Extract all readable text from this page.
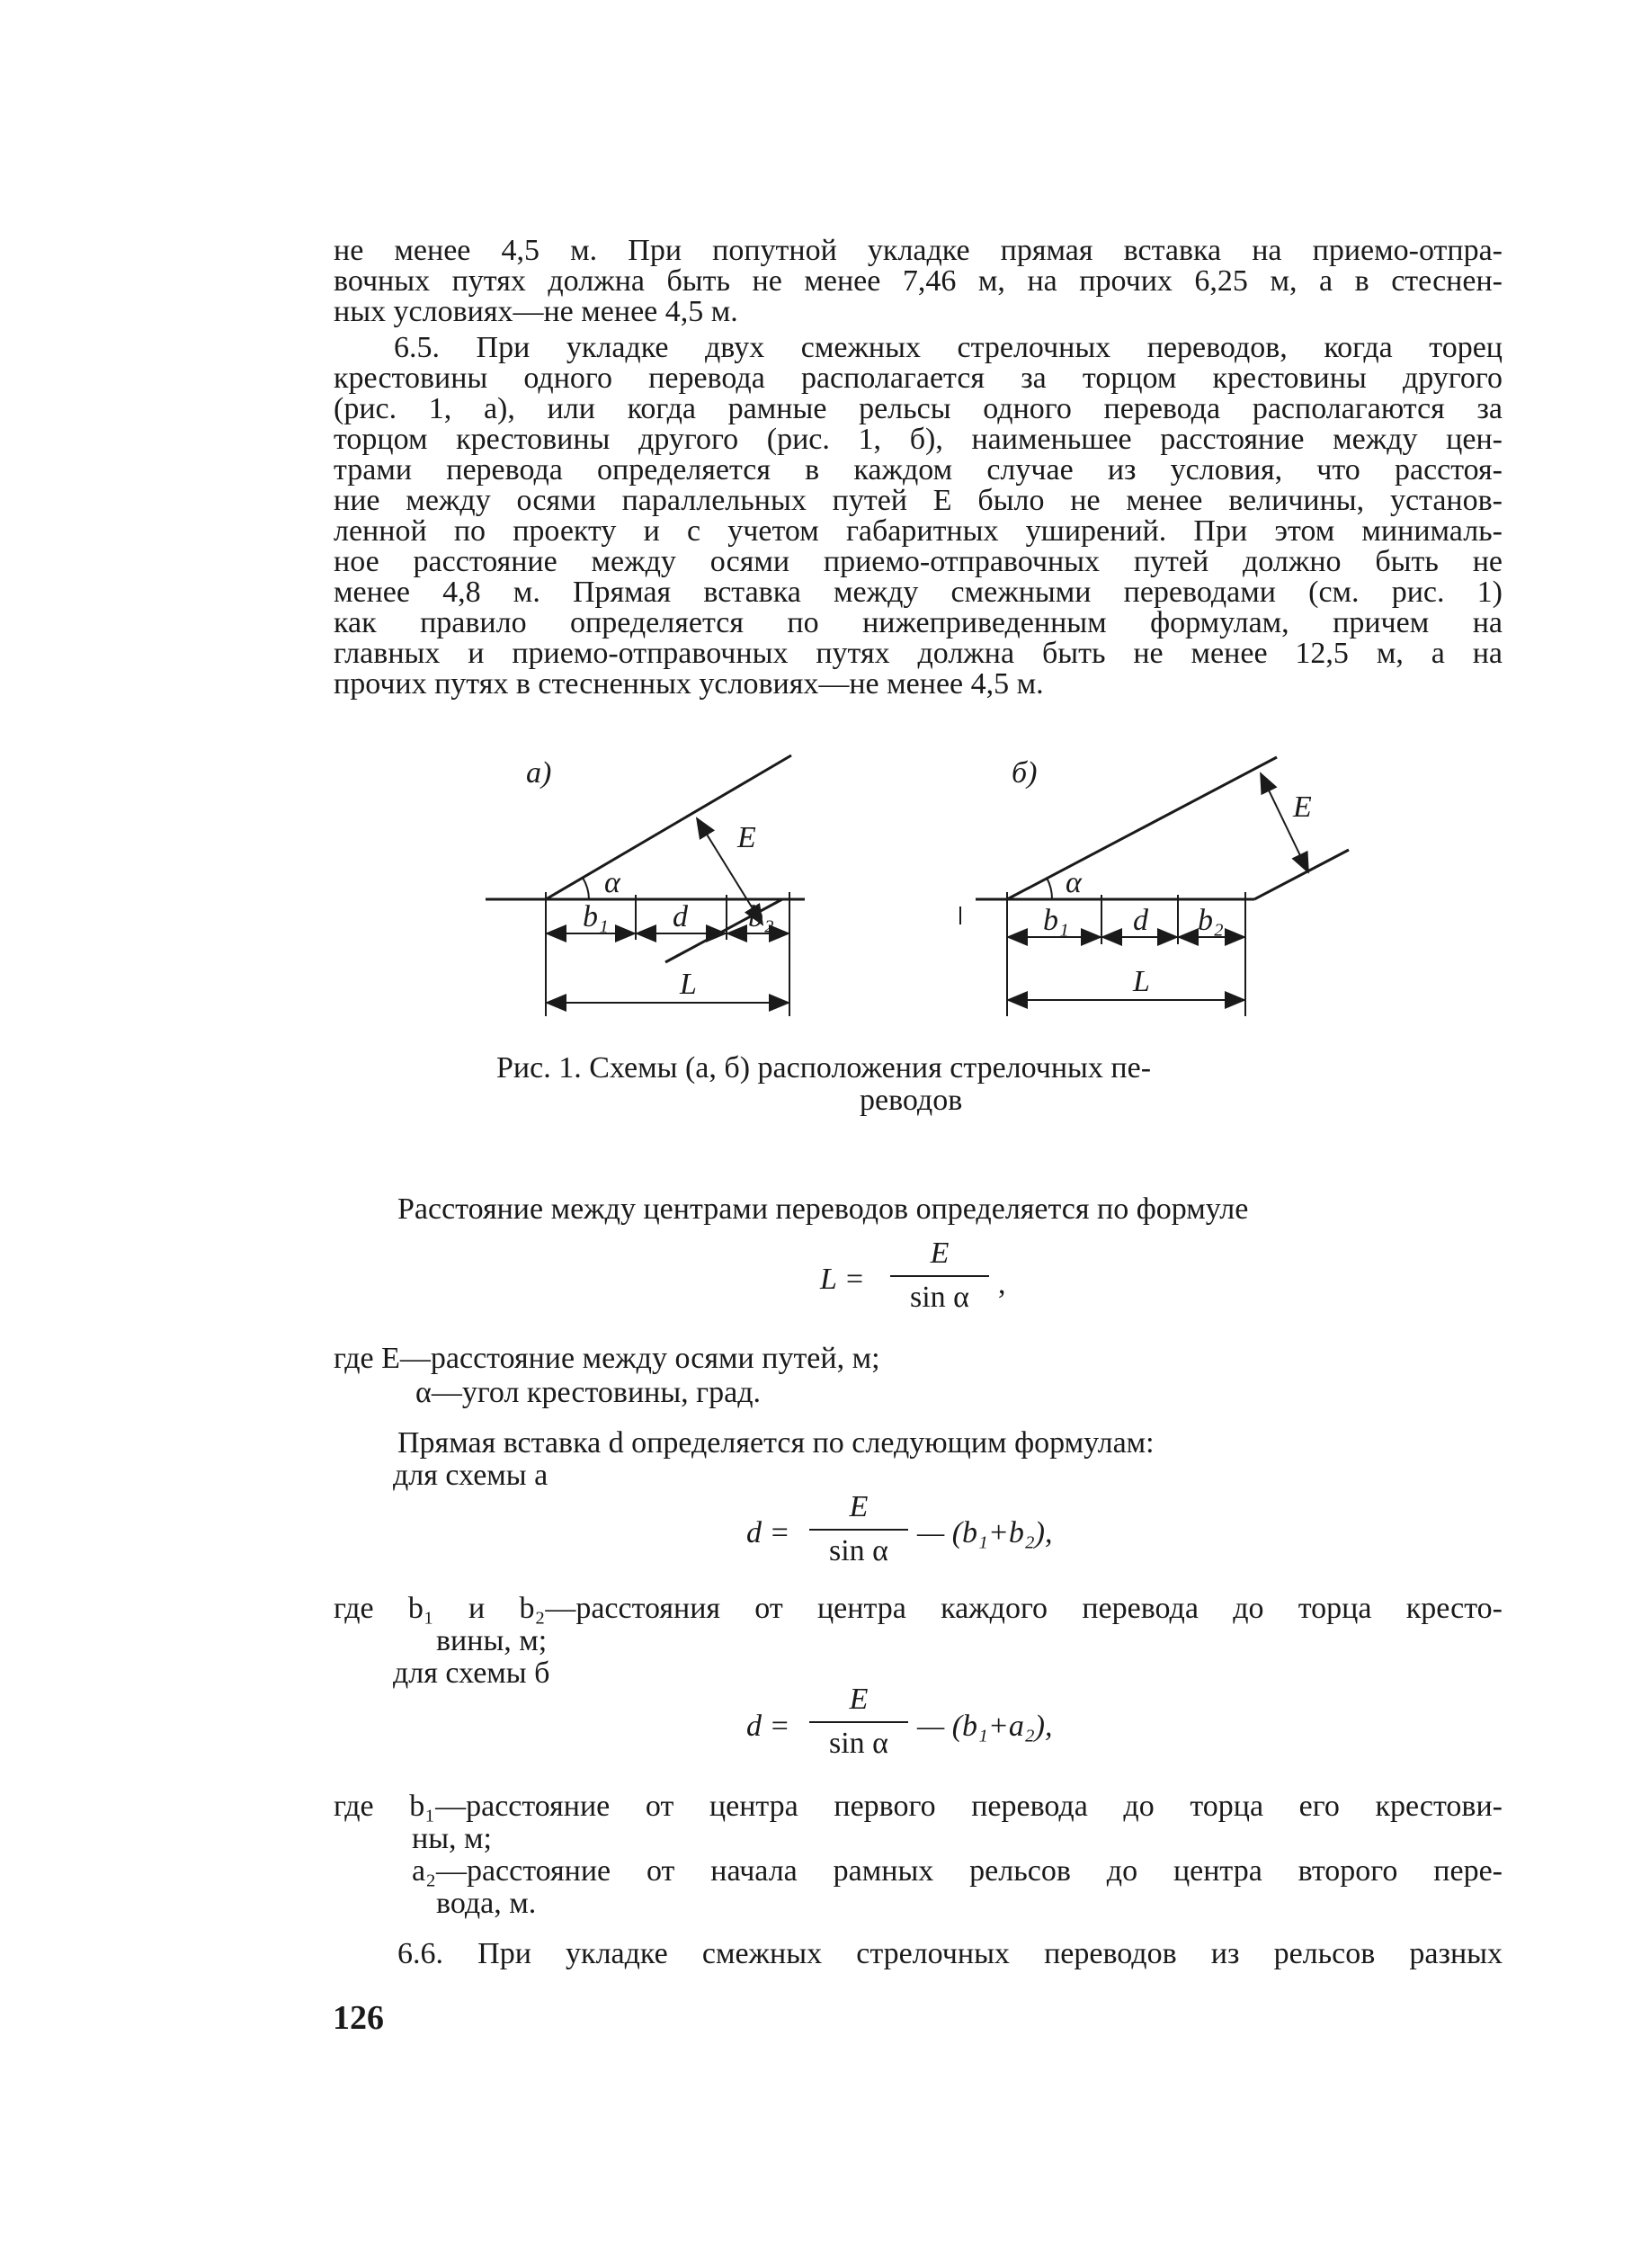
не менее 4,5 м. При попутной укладке прямая вставка на приемо-отпра-
вочных путях должна быть не менее 7,46 м, на прочих 6,25 м, а в стеснен-
ных условиях—не менее 4,5 м.
6.5. При укладке двух смежных стрелочных переводов, когда торец
крестовины одного перевода располагается за торцом крестовины другого
(рис. 1, а), или когда рамные рельсы одного перевода располагаются за
торцом крестовины другого (рис. 1, б), наименьшее расстояние между цен-
трами перевода определяется в каждом случае из условия, что расстоя-
ние между осями параллельных путей E было не менее величины, установ-
ленной по проекту и с учетом габаритных уширений. При этом минималь-
ное расстояние между осями приемо-отправочных путей должно быть не
менее 4,8 м. Прямая вставка между смежными переводами (см. рис. 1)
как правило определяется по нижеприведенным формулам, причем на
главных и приемо-отправочных путях должна быть не менее 12,5 м, а на
прочих путях в стесненных условиях—не менее 4,5 м.
а)
α
E
b₁ d b₂
L
б)
α
E
b₁ d b₂
L
Рис. 1. Схемы (а, б) расположения стрелочных пе-
реводов
Расстояние между центрами переводов определяется по формуле
L =
E
sin α ,
где E—расстояние между осями путей, м;
α—угол крестовины, град.
Прямая вставка d определяется по следующим формулам:
для схемы а
d =
E
sin α
— (b₁+b₂),
где b₁ и b₂—расстояния от центра каждого перевода до торца кресто-
вины, м;
для схемы б
d =
E
sin α
— (b₁+a₂),
где b₁—расстояние от центра первого перевода до торца его крестови-
ны, м;
a₂—расстояние от начала рамных рельсов до центра второго пере-
вода, м.
6.6. При укладке смежных стрелочных переводов из рельсов разных
126
